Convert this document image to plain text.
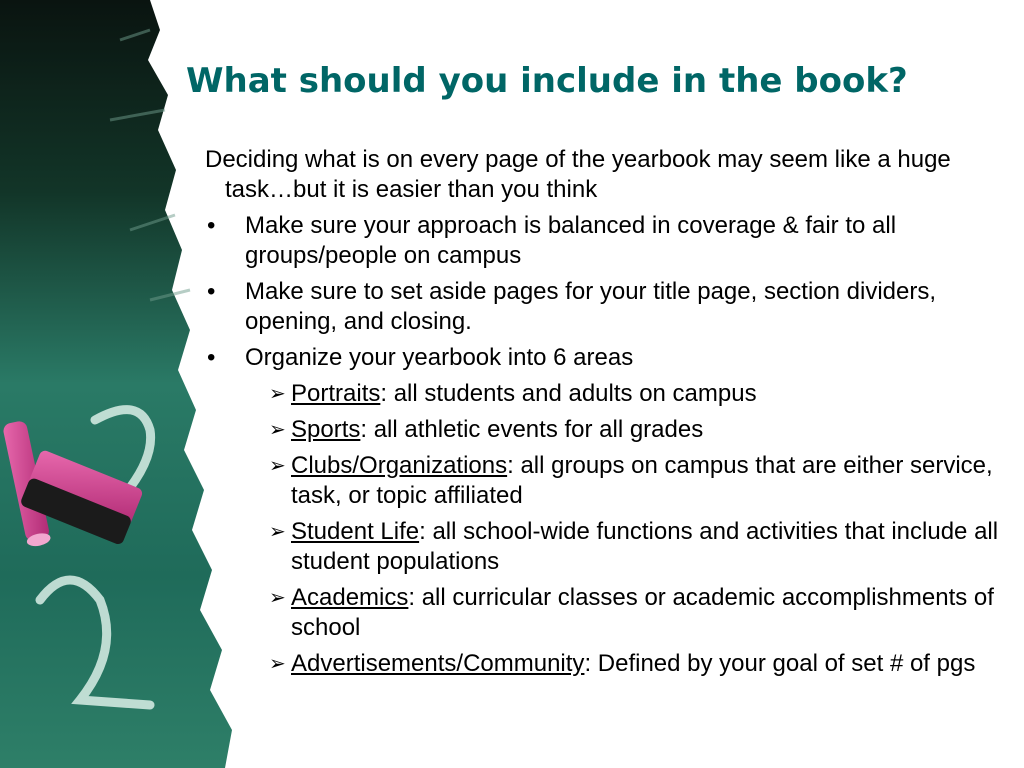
What should you include in the book?

Deciding what is on every page of the yearbook may seem like a huge task…but it is easier than you think

• Make sure your approach is balanced in coverage & fair to all groups/people on campus
• Make sure to set aside pages for your title page, section dividers, opening, and closing.
• Organize your yearbook into 6 areas
➢ Portraits: all students and adults on campus
➢ Sports: all athletic events for all grades
➢ Clubs/Organizations: all groups on campus that are either service, task, or topic affiliated
➢ Student Life: all school-wide functions and activities that include all student populations
➢ Academics: all curricular classes or academic accomplishments of school
➢ Advertisements/Community: Defined by your goal of set # of pgs
